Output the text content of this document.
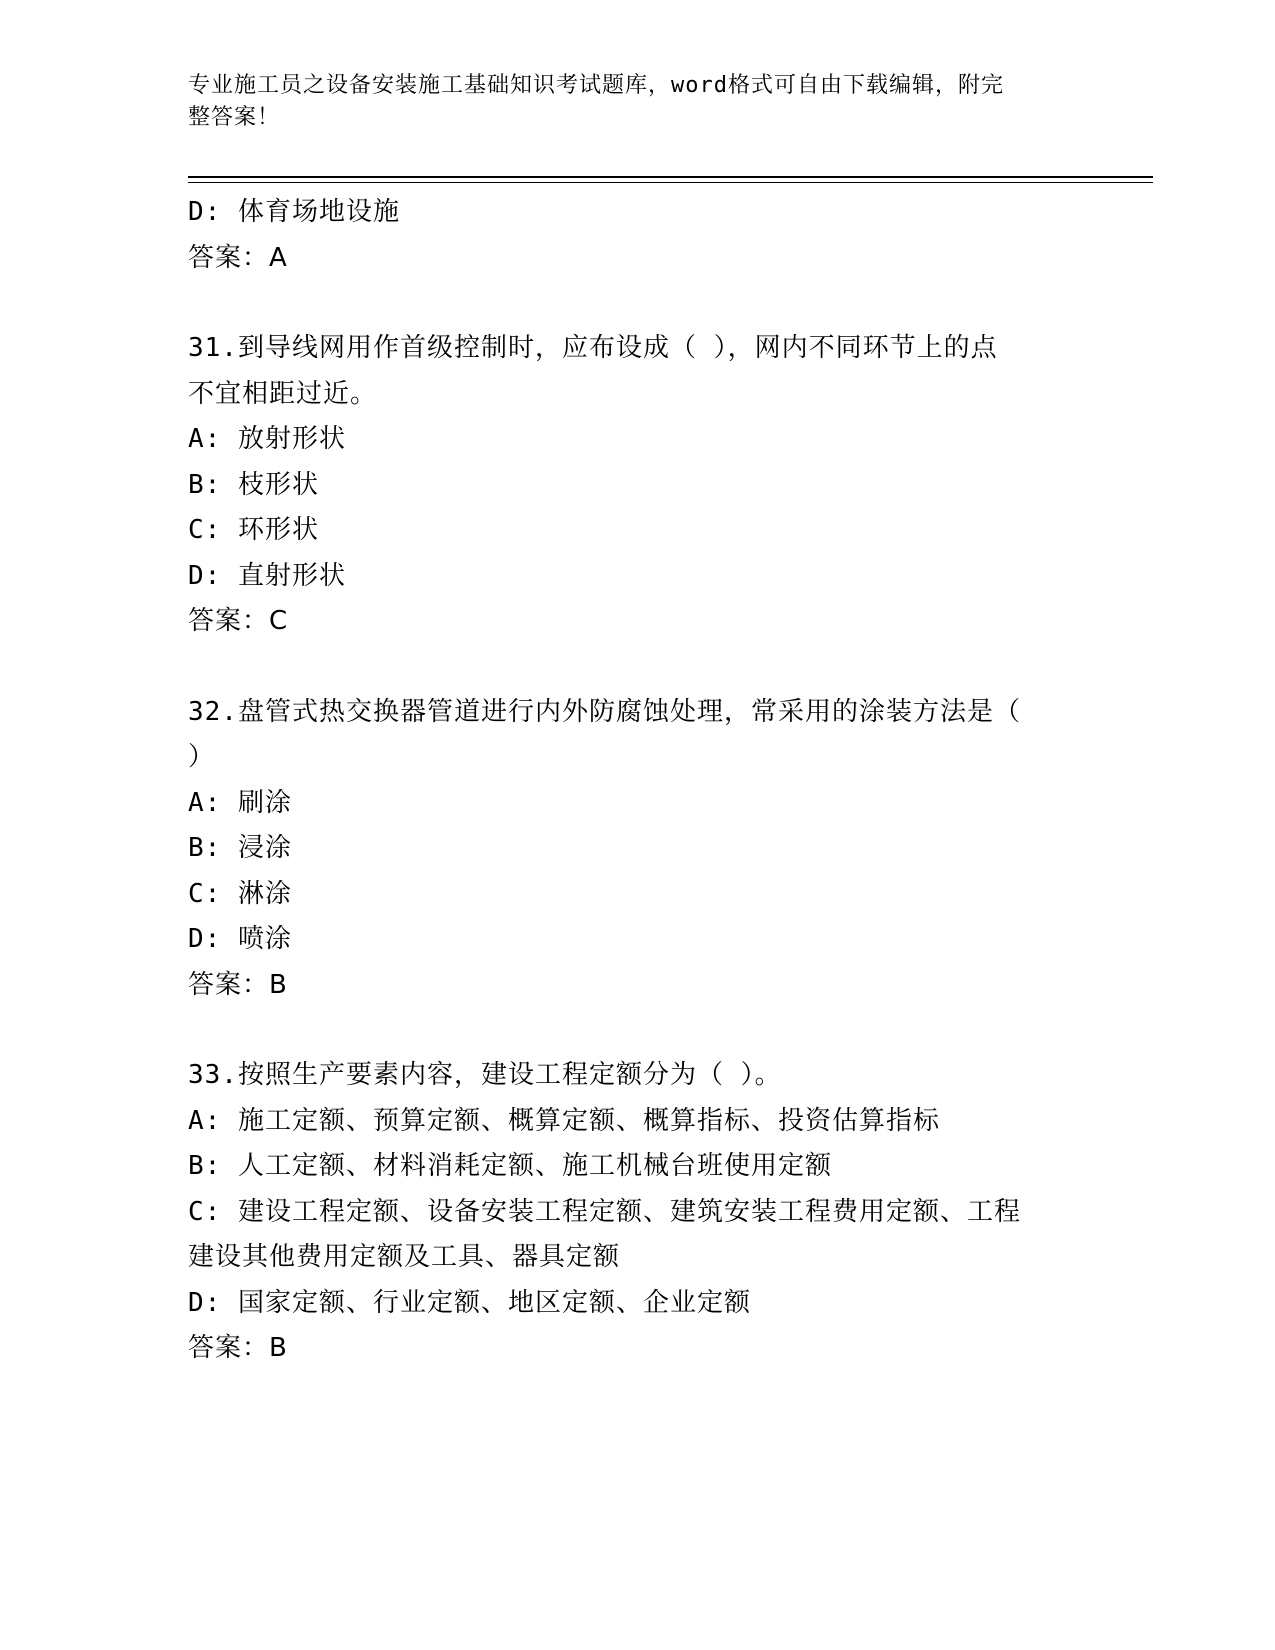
专业施工员之设备安装施工基础知识考试题库，word格式可自由下载编辑，附完
整答案！

D: 体育场地设施

答案：A

31.到导线网用作首级控制时，应布设成（ ），网内不同环节上的点

不宜相距过近。

A: 放射形状

B: 枝形状

C: 环形状

D: 直射形状

答案：C

32.盘管式热交换器管道进行内外防腐蚀处理，常采用的涂装方法是（

）

A: 刷涂

B: 浸涂

C: 淋涂

D: 喷涂

答案：B

33.按照生产要素内容，建设工程定额分为（ ）。

A: 施工定额、预算定额、概算定额、概算指标、投资估算指标

B: 人工定额、材料消耗定额、施工机械台班使用定额

C: 建设工程定额、设备安装工程定额、建筑安装工程费用定额、工程

建设其他费用定额及工具、器具定额

D: 国家定额、行业定额、地区定额、企业定额

答案：B
